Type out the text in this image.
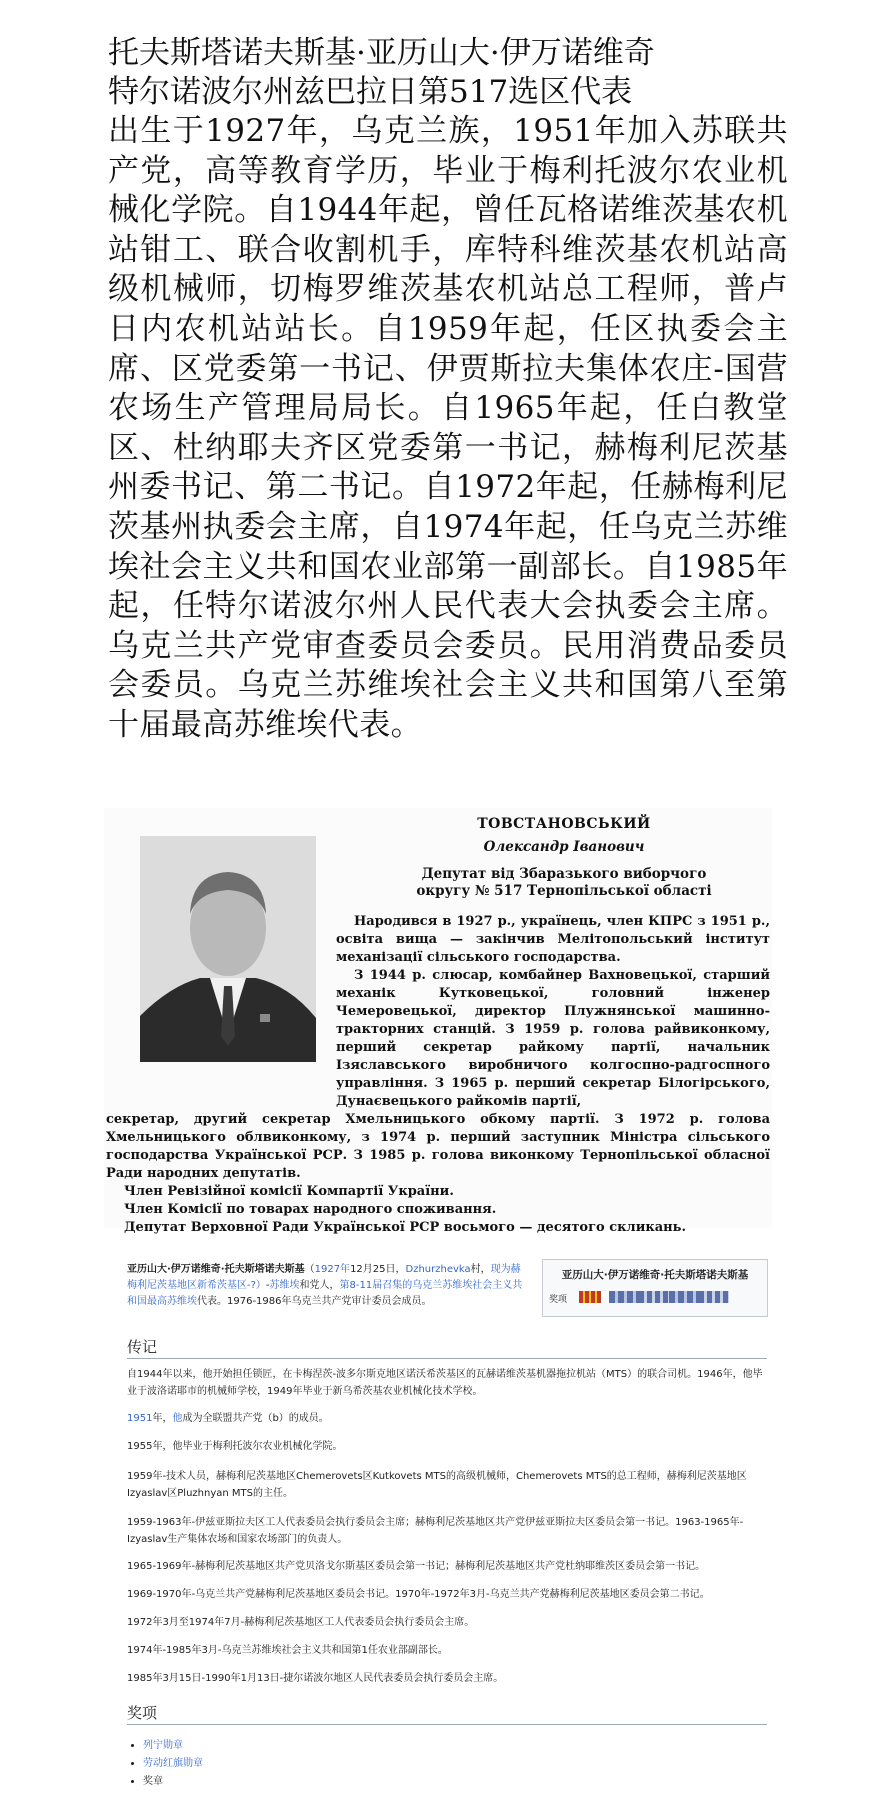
托夫斯塔诺夫斯基·亚历山大·伊万诺维奇
特尔诺波尔州兹巴拉日第517选区代表
出生于1927年，乌克兰族，1951年加入苏联共产党，高等教育学历，毕业于梅利托波尔农业机械化学院。自1944年起，曾任瓦格诺维茨基农机站钳工、联合收割机手，库特科维茨基农机站高级机械师，切梅罗维茨基农机站总工程师，普卢日内农机站站长。自1959年起，任区执委会主席、区党委第一书记、伊贾斯拉夫集体农庄-国营农场生产管理局局长。自1965年起，任白教堂区、杜纳耶夫齐区党委第一书记，赫梅利尼茨基州委书记、第二书记。自1972年起，任赫梅利尼茨基州执委会主席，自1974年起，任乌克兰苏维埃社会主义共和国农业部第一副部长。自1985年起，任特尔诺波尔州人民代表大会执委会主席。乌克兰共产党审查委员会委员。民用消费品委员会委员。乌克兰苏维埃社会主义共和国第八至第十届最高苏维埃代表。
ТОВСТАНОВСЬКИЙ
Олександр Іванович
Депутат від Збаразького виборчого
округу № 517 Тернопільської області

Народився в 1927 р., українець, член КПРС з 1951 р., освіта вища — закінчив Мелітопольський інститут механізації сільського господарства.

З 1944 р. слюсар, комбайнер Вахновецької, старший механік Кутковецької, головний інженер Чемеровецької, директор Плужнянської машинно-тракторних станцій. З 1959 р. голова райвиконкому, перший секретар райкому партії, начальник Ізяславського виробничого колгоспно-радгоспного управління. З 1965 р. перший секретар Білогірського, Дунаєвецького райкомів партії,

секретар, другий секретар Хмельницького обкому партії. З 1972 р. голова Хмельницького облвиконкому, з 1974 р. перший заступник Міністра сільського господарства Української РСР. З 1985 р. голова виконкому Тернопільської обласної Ради народних депутатів.

Член Ревізійної комісії Компартії України.

Член Комісії по товарах народного споживання.

Депутат Верховної Ради Української РСР восьмого — десятого скликань.

亚历山大·伊万诺维奇·托夫斯塔诺夫斯基（1927年12月25日，Dzhurzhevka村，现为赫梅利尼茨基地区新希茨基区-?）-苏维埃和党人，第8-11届召集的乌克兰苏维埃社会主义共和国最高苏维埃代表。1976-1986年乌克兰共产党审计委员会成员。
亚历山大·伊万诺维奇·托夫斯塔诺夫斯基
奖项
传记
自1944年以来，他开始担任锁匠，在卡梅涅茨-波多尔斯克地区诺沃希茨基区的瓦赫诺维茨基机器拖拉机站（MTS）的联合司机。1946年，他毕业于波洛诺耶市的机械师学校，1949年毕业于新乌希茨基农业机械化技术学校。
1951年，他成为全联盟共产党（b）的成员。
1955年，他毕业于梅利托波尔农业机械化学院。
1959年-技术人员，赫梅利尼茨基地区Chemerovets区Kutkovets MTS的高级机械师，Chemerovets MTS的总工程师，赫梅利尼茨基地区Izyaslav区Pluzhnyan MTS的主任。
1959-1963年-伊兹亚斯拉夫区工人代表委员会执行委员会主席；赫梅利尼茨基地区共产党伊兹亚斯拉夫区委员会第一书记。1963-1965年-Izyaslav生产集体农场和国家农场部门的负责人。
1965-1969年-赫梅利尼茨基地区共产党贝洛戈尔斯基区委员会第一书记；赫梅利尼茨基地区共产党杜纳耶维茨区委员会第一书记。
1969-1970年-乌克兰共产党赫梅利尼茨基地区委员会书记。1970年-1972年3月-乌克兰共产党赫梅利尼茨基地区委员会第二书记。
1972年3月至1974年7月-赫梅利尼茨基地区工人代表委员会执行委员会主席。
1974年-1985年3月-乌克兰苏维埃社会主义共和国第1任农业部副部长。
1985年3月15日-1990年1月13日-捷尔诺波尔地区人民代表委员会执行委员会主席。
奖项
• 列宁勋章
• 劳动红旗勋章
• 奖章
